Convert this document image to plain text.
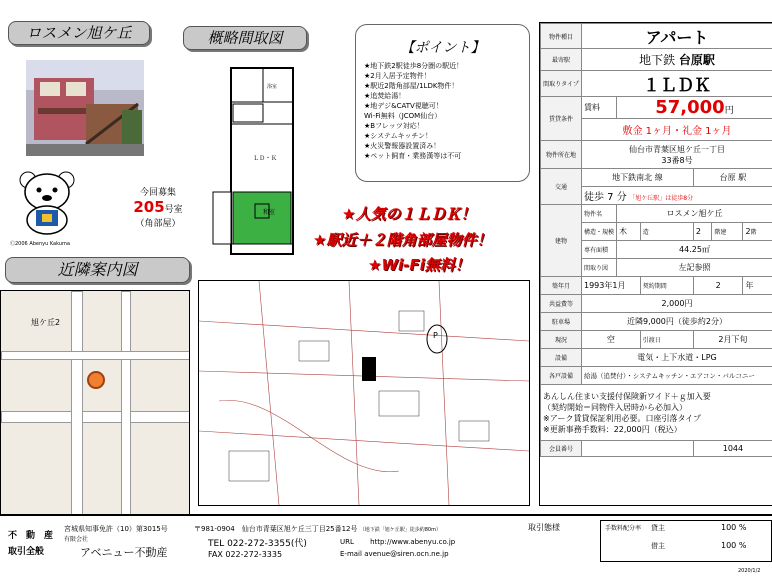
ロスメン旭ケ丘	概略間取図
近隣案内図
Ⓒ2006 Abenyu Kakuma
今回募集
205号室
（角部屋）
ＬＤ・Ｋ
和室
浴室
【ポイント】
★地下鉄2駅徒歩8分圏の駅近！
★2月入居予定物件！
★駅近2階角部屋/1LDK物件！
★追焚給湯！
★地デジ&CATV視聴可！
Wi-Fi無料（JCOM仙台）
★Bフレッツ対応！
★システムキッチン！
★火災警報器設置済み！
★ペット飼育・業務漢等は不可
★人気の１ＬＤＫ！
★駅近＋２階角部屋物件！
★Wi-Fi無料！
旭ケ丘2
P
物件種目	アパート					
最寄駅	地下鉄 台原駅					
間取りタイプ	１ＬＤＫ					
賃貸条件	賃料	57,000円				
	敷金 1ヶ月・礼金 1ヶ月					
物件所在地	仙台市青葉区旭ケ丘一丁目
33番8号					

交通	地下鉄南北 線			台原 駅		
	徒歩 7 分 「旭ケ丘駅」は徒歩8分					
建物	物件名	ロスメン旭ケ丘				
	構造・規模	木	造	2	階建	2階
	専有面積	44.25㎡				
	間取り図	左記参照				
築年月	1993年1月		契約期間	2		年
共益費等	2,000円					
駐車場	近隣9,000円（徒歩約2分）					
現況	空		引渡日	2月下旬		
設備	電気・上下水道・LPG					
各戸設備	給湯（追焚付）・システムキッチン・エアコン・バルコニー					

あんしん住まい支援付保険新ワイド＋ｇ加入要
（契約開始＝同物件入居時から必加入）
※アーク賃貸保証利用必要。口座引落タイプ
※更新事務手数料：22,000円（税込）						

会員番号				1044		
不　動　産
取引全般
宮城県知事免許（10）第3015号
有限会社
アベニュー不動産
〒981-0904　仙台市青葉区旭ケ丘三丁目25番12号 （地下鉄「旭ケ丘駅」徒歩約80m）
TEL 022-272-3355(代)
FAX 022-272-3335
URL http://www.abenyu.co.jp
E-mail avenue@siren.ocn.ne.jp
取引態様	手数料配分率 貸主	100 %
借主	100 %
2020/1/2
